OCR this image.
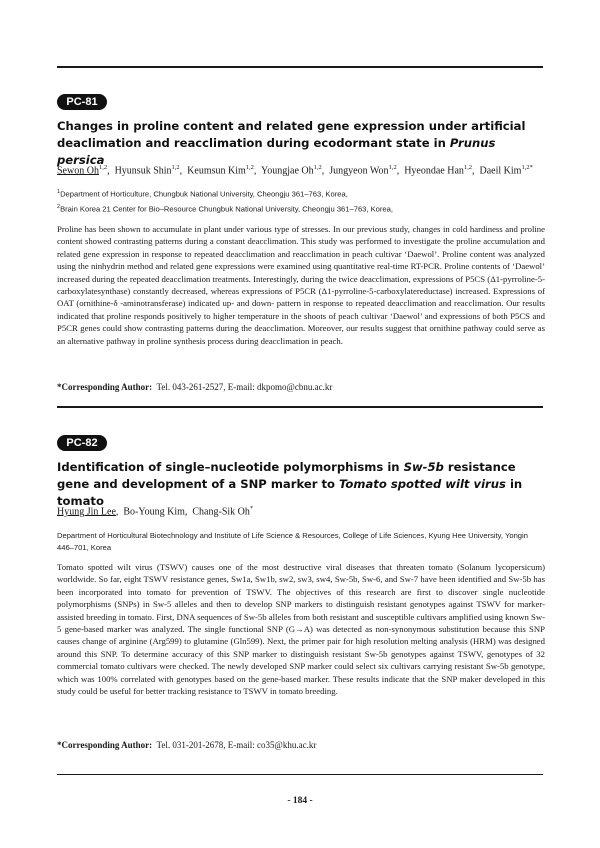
PC-81
Changes in proline content and related gene expression under artificial deaclimation and reacclimation during ecodormant state in Prunus persica
Sewon Oh$^{1,2}$,  Hyunsuk Shin$^{1,2}$,  Keumsun Kim$^{1,2}$,  Youngjae Oh$^{1,2}$,  Jungyeon Won$^{1,2}$,  Hyeondae Han$^{1,2}$,  Daeil Kim$^{1,2*}$
$^1$Department of Horticulture, Chungbuk National University, Cheongju 361–763, Korea,
$^2$Brain Korea 21 Center for Bio–Resource Chungbuk National University, Cheongju 361–763, Korea,

Proline has been shown to accumulate in plant under various type of stresses. In our previous study, changes in cold hardiness and proline content showed contrasting patterns during a constant deacclimation. This study was performed to investigate the proline accumulation and related gene expression in response to repeated deacclimation and reacclimation in peach cultivar ‘Daewol’. Proline content was analyzed using the ninhydrin method and related gene expressions were examined using quantitative real-time RT-PCR. Proline contents of ‘Daewol’ increased during the repeated deacclimation treatments. Interestingly, during the twice deacclimation, expressions of P5CS (Δ1-pyrroline-5-carboxylatesynthase) constantly decreased, whereas expressions of P5CR (Δ1-pyrroline-5-carboxylatereductase) increased. Expressions of OAT (ornithine-δ -aminotransferase) indicated up- and down- pattern in response to repeated deacclimation and reacclimation. Our results indicated that proline responds positively to higher temperature in the shoots of peach cultivar ‘Daewol’ and expressions of both P5CS and P5CR genes could show contrasting patterns during the deacclimation. Moreover, our results suggest that ornithine pathway could serve as an alternative pathway in proline synthesis process during deacclimation in peach.

*Corresponding Author: Tel. 043-261-2527, E-mail: dkpomo@cbnu.ac.kr
PC-82
Identification of single–nucleotide polymorphisms in Sw-5b resistance gene and development of a SNP marker to Tomato spotted wilt virus in tomato
Hyung Jin Lee,  Bo-Young Kim,  Chang-Sik Oh*
Department of Horticultural Biotechnology and Institute of Life Science & Resources, College of Life Sciences, Kyung Hee University, Yongin 446–701, Korea

Tomato spotted wilt virus (TSWV) causes one of the most destructive viral diseases that threaten tomato (Solanum lycopersicum) worldwide. So far, eight TSWV resistance genes, Sw1a, Sw1b, sw2, sw3, sw4, Sw-5b, Sw-6, and Sw-7 have been identified and Sw-5b has been incorporated into tomato for prevention of TSWV. The objectives of this research are first to discover single nucleotide polymorphisms (SNPs) in Sw-5 alleles and then to develop SNP markers to distinguish resistant genotypes against TSWV for marker-assisted breeding in tomato. First, DNA sequences of Sw-5b alleles from both resistant and susceptible cultivars amplified using known Sw-5 gene-based marker was analyzed. The single functional SNP (G→A) was detected as non-synonymous substitution because this SNP causes change of arginine (Arg599) to glutamine (Gln599). Next, the primer pair for high resolution melting analysis (HRM) was designed around this SNP. To determine accuracy of this SNP marker to distinguish resistant Sw-5b genotypes against TSWV, genotypes of 32 commercial tomato cultivars were checked. The newly developed SNP marker could select six cultivars carrying resistant Sw-5b genotype, which was 100% correlated with genotypes based on the gene-based marker. These results indicate that the SNP maker developed in this study could be useful for better tracking resistance to TSWV in tomato breeding.

*Corresponding Author: Tel. 031-201-2678, E-mail: co35@khu.ac.kr
- 184 -
